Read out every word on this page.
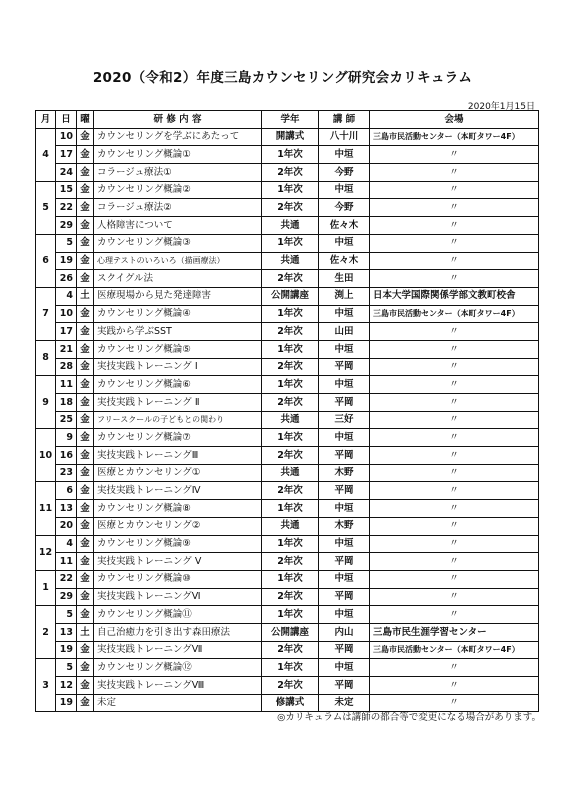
2020（令和2）年度三島カウンセリング研究会カリキュラム
2020年1月15日
月	日	曜	研 修 内 容	学年	講 師	会場
4	10	金	カウンセリングを学ぶにあたって	開講式	八十川	三島市民活動センター（本町タワー4F）
	17	金	カウンセリング概論①	1年次	中垣	〃
	24	金	コラージュ療法①	2年次	今野	〃
5	15	金	カウンセリング概論②	1年次	中垣	〃
	22	金	コラージュ療法②	2年次	今野	〃
	29	金	人格障害について	共通	佐々木	〃
6	5	金	カウンセリング概論③	1年次	中垣	〃
	19	金	心理テストのいろいろ（描画療法）	共通	佐々木	〃
	26	金	スクイグル法	2年次	生田	〃
7	4	土	医療現場から見た発達障害	公開講座	渕上	日本大学国際関係学部文教町校舎
	10	金	カウンセリング概論④	1年次	中垣	三島市民活動センター（本町タワー4F）
	17	金	実践から学ぶSST	2年次	山田	〃
8	21	金	カウンセリング概論⑤	1年次	中垣	〃
	28	金	実技実践トレーニング Ⅰ	2年次	平岡	〃
9	11	金	カウンセリング概論⑥	1年次	中垣	〃
	18	金	実技実践トレーニング Ⅱ	2年次	平岡	〃
	25	金	フリースクールの子どもとの関わり	共通	三好	〃
10	9	金	カウンセリング概論⑦	1年次	中垣	〃
	16	金	実技実践トレーニングⅢ	2年次	平岡	〃
	23	金	医療とカウンセリング①	共通	木野	〃
11	6	金	実技実践トレーニングⅣ	2年次	平岡	〃
	13	金	カウンセリング概論⑧	1年次	中垣	〃
	20	金	医療とカウンセリング②	共通	木野	〃
12	4	金	カウンセリング概論⑨	1年次	中垣	〃
	11	金	実技実践トレーニング Ⅴ	2年次	平岡	〃
1	22	金	カウンセリング概論⑩	1年次	中垣	〃
	29	金	実技実践トレーニングⅥ	2年次	平岡	〃
2	5	金	カウンセリング概論⑪	1年次	中垣	〃
	13	土	自己治癒力を引き出す森田療法	公開講座	内山	三島市民生涯学習センター
	19	金	実技実践トレーニングⅦ	2年次	平岡	三島市民活動センター（本町タワー4F）
3	5	金	カウンセリング概論⑫	1年次	中垣	〃
	12	金	実技実践トレーニングⅧ	2年次	平岡	〃
	19	金	未定	修講式	未定	〃
◎カリキュラムは講師の都合等で変更になる場合があります。
